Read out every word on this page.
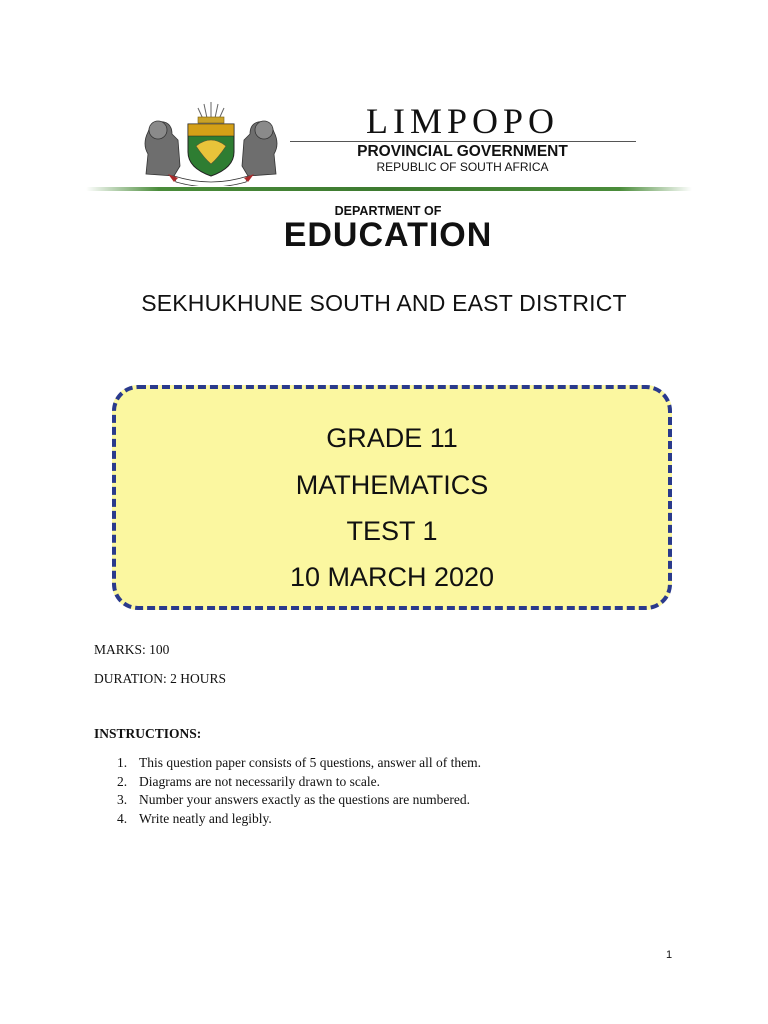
LIMPOPO
PROVINCIAL GOVERNMENT
REPUBLIC OF SOUTH AFRICA
DEPARTMENT OF
EDUCATION
SEKHUKHUNE SOUTH AND EAST DISTRICT
GRADE 11
MATHEMATICS
TEST 1
10 MARCH 2020
MARKS: 100
DURATION: 2 HOURS
INSTRUCTIONS:
1. This question paper consists of 5 questions, answer all of them.
2. Diagrams are not necessarily drawn to scale.
3. Number your answers exactly as the questions are numbered.
4. Write neatly and legibly.
1
